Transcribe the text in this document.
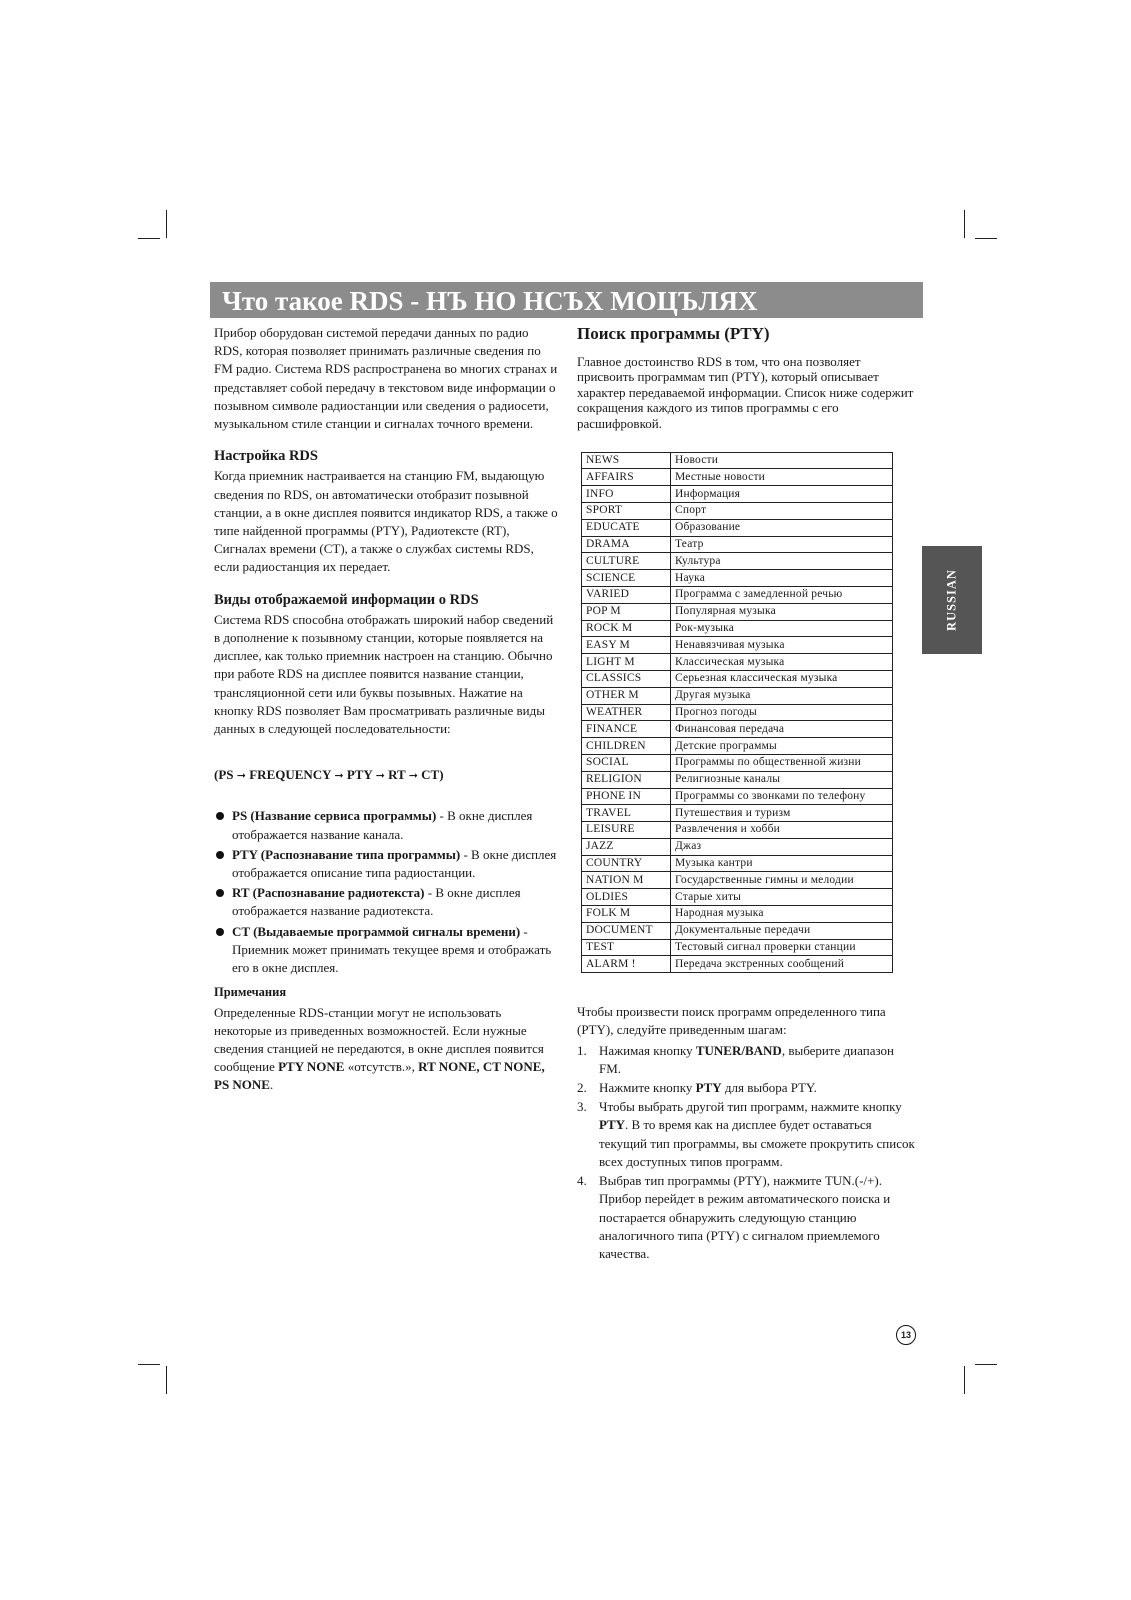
Что такое RDS - НЪ НО НСЪХ МОЦЪЛЯХ

Прибор оборудован системой передачи данных по радио RDS, которая позволяет принимать различные сведения по FM радио. Система RDS распространена во многих странах и представляет собой передачу в текстовом виде информации о позывном символе радиостанции или сведения о радиосети, музыкальном стиле станции и сигналах точного времени.

Настройка RDS

Когда приемник настраивается на станцию FM, выдающую сведения по RDS, он автоматически отобразит позывной станции, а в окне дисплея появится индикатор RDS, а также о типе найденной программы (PTY), Радиотексте (RT), Сигналах времени (CT), а также о службах системы RDS, если радиостанция их передает.

Виды отображаемой информации о RDS

Система RDS способна отображать широкий набор сведений в дополнение к позывному станции, которые появляется на дисплее, как только приемник настроен на станцию. Обычно при работе RDS на дисплее появится название станции, трансляционной сети или буквы позывных. Нажатие на кнопку RDS позволяет Вам просматривать различные виды данных в следующей последовательности:

(PS ➞ FREQUENCY ➞ PTY ➞ RT ➞ CT)
PS (Название сервиса программы) - В окне дисплея отображается название канала.
PTY (Распознавание типа программы) - В окне дисплея отображается описание типа радиостанции.
RT (Распознавание радиотекста) - В окне дисплея отображается название радиотекста.
CT (Выдаваемые программой сигналы времени) - Приемник может принимать текущее время и отображать его в окне дисплея.
Примечания

Определенные RDS-станции могут не использовать некоторые из приведенных возможностей. Если нужные сведения станцией не передаются, в окне дисплея появится сообщение PTY NONE «отсутств.», RT NONE, CT NONE, PS NONE.

Поиск программы (PTY)

Главное достоинство RDS в том, что она позволяет присвоить программам тип (PTY), который описывает характер передаваемой информации. Список ниже содержит сокращения каждого из типов программы с его расшифровкой.

NEWS	Новости
AFFAIRS	Местные новости
INFO	Информация
SPORT	Спорт
EDUCATE	Образование
DRAMA	Театр
CULTURE	Культура
SCIENCE	Наука
VARIED	Программа с замедленной речью
POP M	Популярная музыка
ROCK M	Рок-музыка
EASY M	Ненавязчивая музыка
LIGHT M	Классическая музыка
CLASSICS	Серьезная классическая музыка
OTHER M	Другая музыка
WEATHER	Прогноз погоды
FINANCE	Финансовая передача
CHILDREN	Детские программы
SOCIAL	Программы по общественной жизни
RELIGION	Религиозные каналы
PHONE IN	Программы со звонками по телефону
TRAVEL	Путешествия и туризм
LEISURE	Развлечения и хобби
JAZZ	Джаз
COUNTRY	Музыка кантри
NATION M	Государственные гимны и мелодии
OLDIES	Старые хиты
FOLK M	Народная музыка
DOCUMENT	Документальные передачи
TEST	Тестовый сигнал проверки станции
ALARM !	Передача экстренных сообщений

Чтобы произвести поиск программ определенного типа (PTY), следуйте приведенным шагам:

1. Нажимая кнопку TUNER/BAND, выберите диапазон FM.
2. Нажмите кнопку PTY для выбора PTY.
3. Чтобы выбрать другой тип программ, нажмите кнопку PTY. В то время как на дисплее будет оставаться текущий тип программы, вы сможете прокрутить список всех доступных типов программ.
4. Выбрав тип программы (PTY), нажмите TUN.(-/+). Прибор перейдет в режим автоматического поиска и постарается обнаружить следующую станцию аналогичного типа (PTY) с сигналом приемлемого качества.
RUSSIAN
13
